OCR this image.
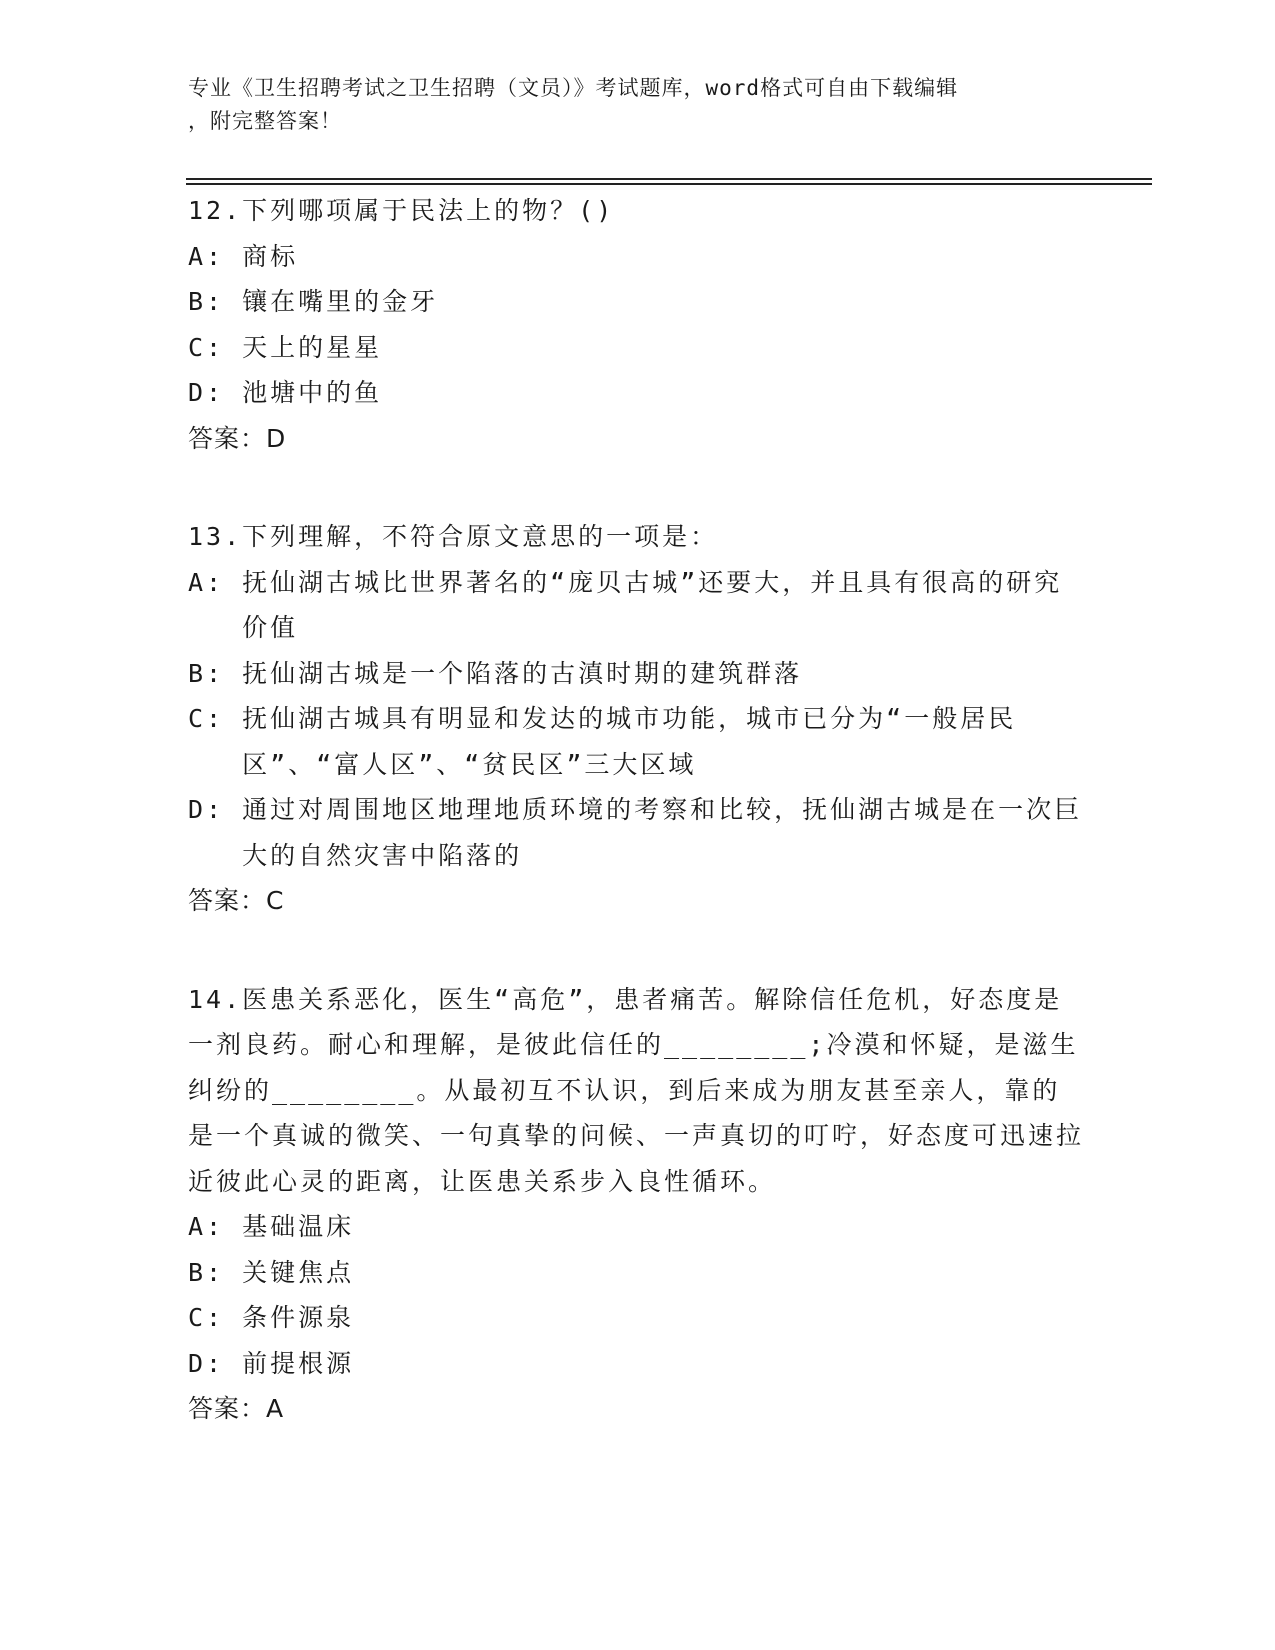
专业《卫生招聘考试之卫生招聘（文员）》考试题库，word格式可自由下载编辑
，附完整答案！
12.下列哪项属于民法上的物？()
A: 商标
B: 镶在嘴里的金牙
C: 天上的星星
D: 池塘中的鱼
答案：D
13.下列理解，不符合原文意思的一项是：
A: 抚仙湖古城比世界著名的“庞贝古城”还要大，并且具有很高的研究价值
B: 抚仙湖古城是一个陷落的古滇时期的建筑群落
C: 抚仙湖古城具有明显和发达的城市功能，城市已分为“一般居民区”、“富人区”、“贫民区”三大区域
D: 通过对周围地区地理地质环境的考察和比较，抚仙湖古城是在一次巨大的自然灾害中陷落的
答案：C
14.医患关系恶化，医生“高危”，患者痛苦。解除信任危机，好态度是一剂良药。耐心和理解，是彼此信任的________;冷漠和怀疑，是滋生纠纷的________。从最初互不认识，到后来成为朋友甚至亲人，靠的是一个真诚的微笑、一句真挚的问候、一声真切的叮咛，好态度可迅速拉近彼此心灵的距离，让医患关系步入良性循环。
A: 基础温床
B: 关键焦点
C: 条件源泉
D: 前提根源
答案：A
